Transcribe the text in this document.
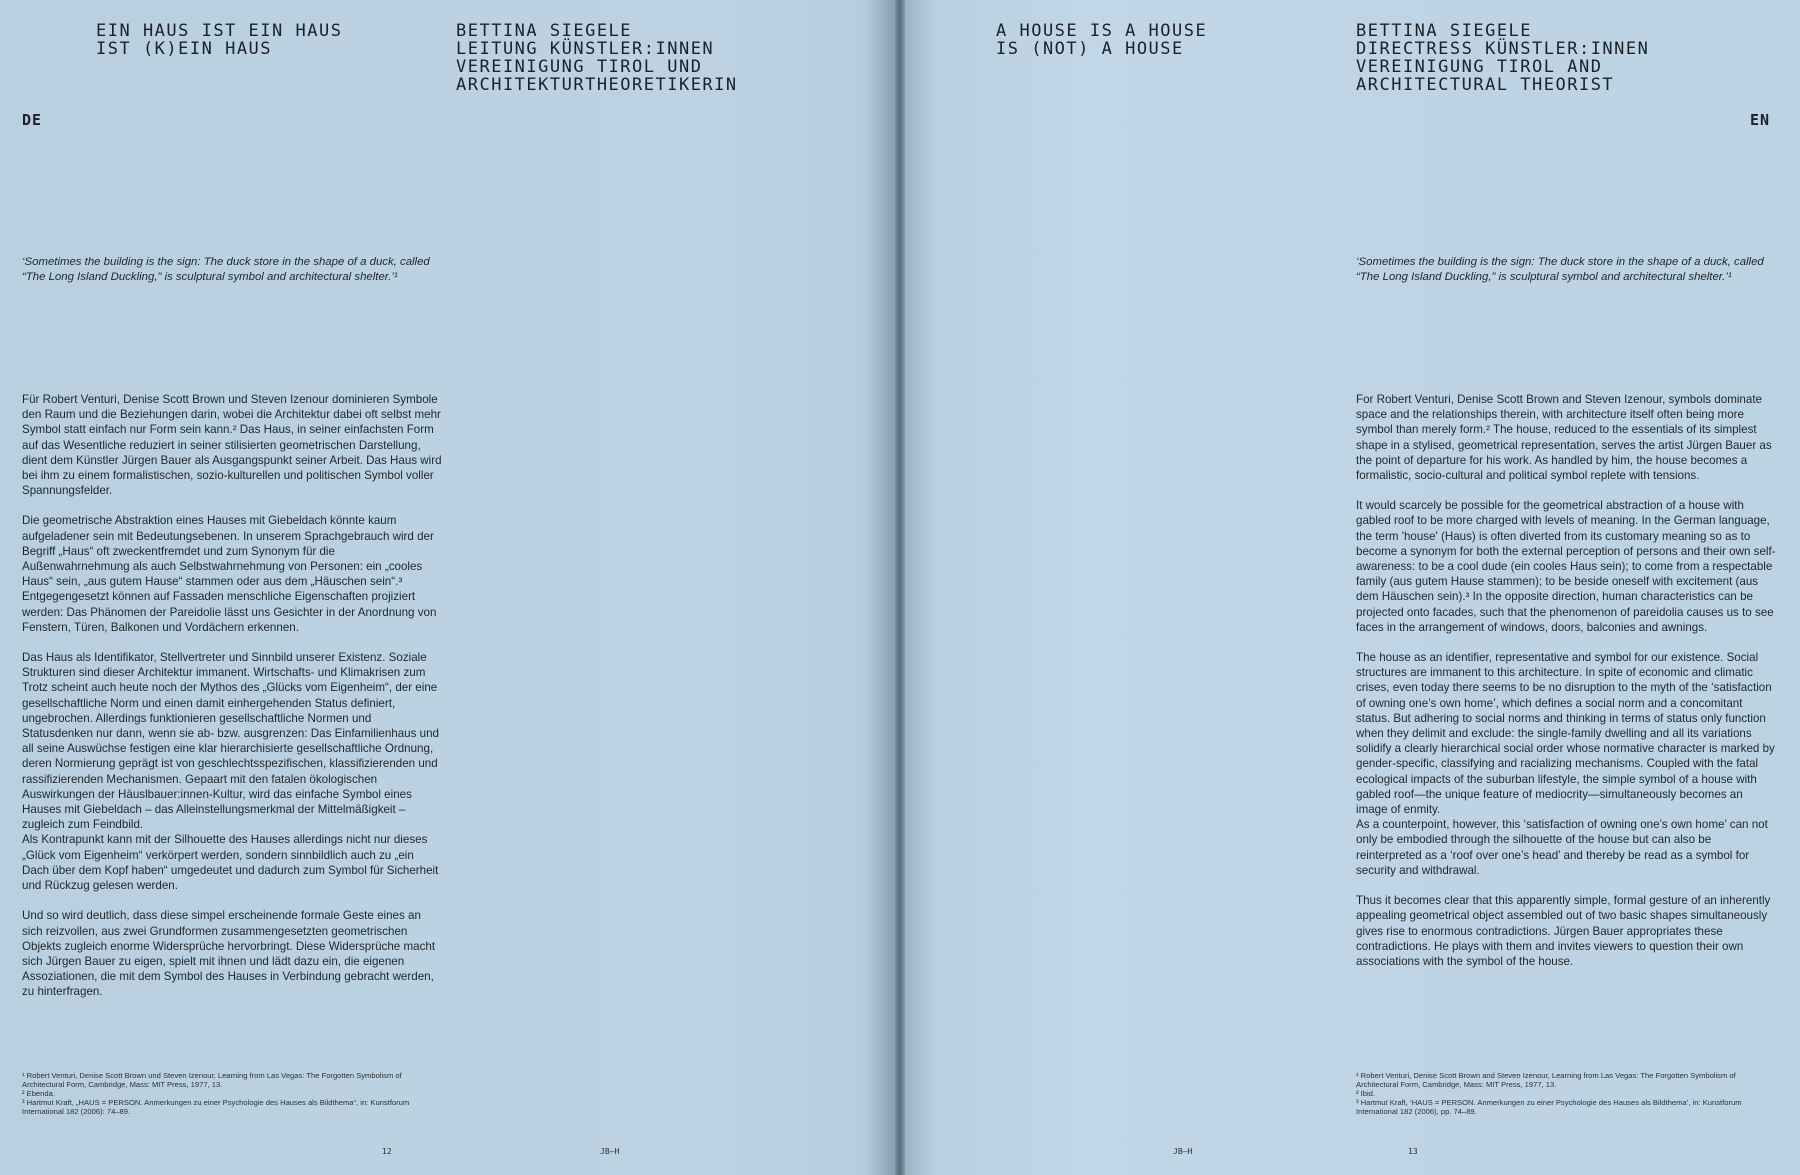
EIN HAUS IST EIN HAUS
IST (K)EIN HAUS
BETTINA SIEGELE
LEITUNG KÜNSTLER:INNEN
VEREINIGUNG TIROL UND
ARCHITEKTURTHEORETIKERIN
DE
‘Sometimes the building is the sign: The duck store in the shape of a duck, called “The Long Island Duckling,” is sculptural symbol and architectural shelter.’¹

Für Robert Venturi, Denise Scott Brown und Steven Izenour dominieren Symbole den Raum und die Beziehungen darin, wobei die Architektur dabei oft selbst mehr Symbol statt einfach nur Form sein kann.² Das Haus, in seiner einfachsten Form auf das Wesentliche reduziert in seiner stilisierten geometrischen Darstellung, dient dem Künstler Jürgen Bauer als Ausgangspunkt seiner Arbeit. Das Haus wird bei ihm zu einem formalistischen, sozio-kulturellen und politischen Symbol voller Spannungsfelder.

Die geometrische Abstraktion eines Hauses mit Giebeldach könnte kaum aufgeladener sein mit Bedeutungsebenen. In unserem Sprachgebrauch wird der Begriff „Haus“ oft zweckentfremdet und zum Synonym für die Außenwahrnehmung als auch Selbstwahrnehmung von Personen: ein „cooles Haus“ sein, „aus gutem Hause“ stammen oder aus dem „Häuschen sein“.³ Entgegengesetzt können auf Fassaden menschliche Eigenschaften projiziert werden: Das Phänomen der Pareidolie lässt uns Gesichter in der Anordnung von Fenstern, Türen, Balkonen und Vordächern erkennen.

Das Haus als Identifikator, Stellvertreter und Sinnbild unserer Existenz. Soziale Strukturen sind dieser Architektur immanent. Wirtschafts- und Klimakrisen zum Trotz scheint auch heute noch der Mythos des „Glücks vom Eigenheim“, der eine gesellschaftliche Norm und einen damit einhergehenden Status definiert, ungebrochen. Allerdings funktionieren gesellschaftliche Normen und Statusdenken nur dann, wenn sie ab- bzw. ausgrenzen: Das Einfamilienhaus und all seine Auswüchse festigen eine klar hierarchisierte gesellschaftliche Ordnung, deren Normierung geprägt ist von geschlechtsspezifischen, klassifizierenden und rassifizierenden Mechanismen. Gepaart mit den fatalen ökologischen Auswirkungen der Häuslbauer:innen-Kultur, wird das einfache Symbol eines Hauses mit Giebeldach – das Alleinstellungsmerkmal der Mittelmäßigkeit – zugleich zum Feindbild.
Als Kontrapunkt kann mit der Silhouette des Hauses allerdings nicht nur dieses „Glück vom Eigenheim“ verkörpert werden, sondern sinnbildlich auch zu „ein Dach über dem Kopf haben“ umgedeutet und dadurch zum Symbol für Sicherheit und Rückzug gelesen werden.

Und so wird deutlich, dass diese simpel erscheinende formale Geste eines an sich reizvollen, aus zwei Grundformen zusammengesetzten geometrischen Objekts zugleich enorme Widersprüche hervorbringt. Diese Widersprüche macht sich Jürgen Bauer zu eigen, spielt mit ihnen und lädt dazu ein, die eigenen Assoziationen, die mit dem Symbol des Hauses in Verbindung gebracht werden, zu hinterfragen.

¹ Robert Venturi, Denise Scott Brown und Steven Izenour, Learning from Las Vegas: The Forgotten Symbolism of Architectural Form, Cambridge, Mass: MIT Press, 1977, 13.
² Ebenda.
³ Hartmut Kraft, „HAUS = PERSON. Anmerkungen zu einer Psychologie des Hauses als Bildthema“, in: Kunstforum International 182 (2006): 74–89.
12	JB—H
A HOUSE IS A HOUSE
IS (NOT) A HOUSE
BETTINA SIEGELE
DIRECTRESS KÜNSTLER:INNEN
VEREINIGUNG TIROL AND
ARCHITECTURAL THEORIST
EN
‘Sometimes the building is the sign: The duck store in the shape of a duck, called “The Long Island Duckling,” is sculptural symbol and architectural shelter.’¹

For Robert Venturi, Denise Scott Brown and Steven Izenour, symbols dominate space and the relationships therein, with architecture itself often being more symbol than merely form.² The house, reduced to the essentials of its simplest shape in a stylised, geometrical representation, serves the artist Jürgen Bauer as the point of departure for his work. As handled by him, the house becomes a formalistic, socio-cultural and political symbol replete with tensions.

It would scarcely be possible for the geometrical abstraction of a house with gabled roof to be more charged with levels of meaning. In the German language, the term 'house' (Haus) is often diverted from its customary meaning so as to become a synonym for both the external perception of persons and their own self-awareness: to be a cool dude (ein cooles Haus sein); to come from a respectable family (aus gutem Hause stammen); to be beside oneself with excitement (aus dem Häuschen sein).³ In the opposite direction, human characteristics can be projected onto facades, such that the phenomenon of pareidolia causes us to see faces in the arrangement of windows, doors, balconies and awnings.

The house as an identifier, representative and symbol for our existence. Social structures are immanent to this architecture. In spite of economic and climatic crises, even today there seems to be no disruption to the myth of the ‘satisfaction of owning one’s own home’, which defines a social norm and a concomitant status. But adhering to social norms and thinking in terms of status only function when they delimit and exclude: the single-family dwelling and all its variations solidify a clearly hierarchical social order whose normative character is marked by gender-specific, classifying and racializing mechanisms. Coupled with the fatal ecological impacts of the suburban lifestyle, the simple symbol of a house with gabled roof—the unique feature of mediocrity—simultaneously becomes an image of enmity.
As a counterpoint, however, this ‘satisfaction of owning one’s own home’ can not only be embodied through the silhouette of the house but can also be reinterpreted as a ‘roof over one’s head’ and thereby be read as a symbol for security and withdrawal.

Thus it becomes clear that this apparently simple, formal gesture of an inherently appealing geometrical object assembled out of two basic shapes simultaneously gives rise to enormous contradictions. Jürgen Bauer appropriates these contradictions. He plays with them and invites viewers to question their own associations with the symbol of the house.

¹ Robert Venturi, Denise Scott Brown and Steven Izenour, Learning from Las Vegas: The Forgotten Symbolism of Architectural Form, Cambridge, Mass: MIT Press, 1977, 13.
² Ibid.
³ Hartmut Kraft, ‘HAUS = PERSON. Anmerkungen zu einer Psychologie des Hauses als Bildthema’, in: Kunstforum International 182 (2006), pp. 74–89.
JB—H	13
